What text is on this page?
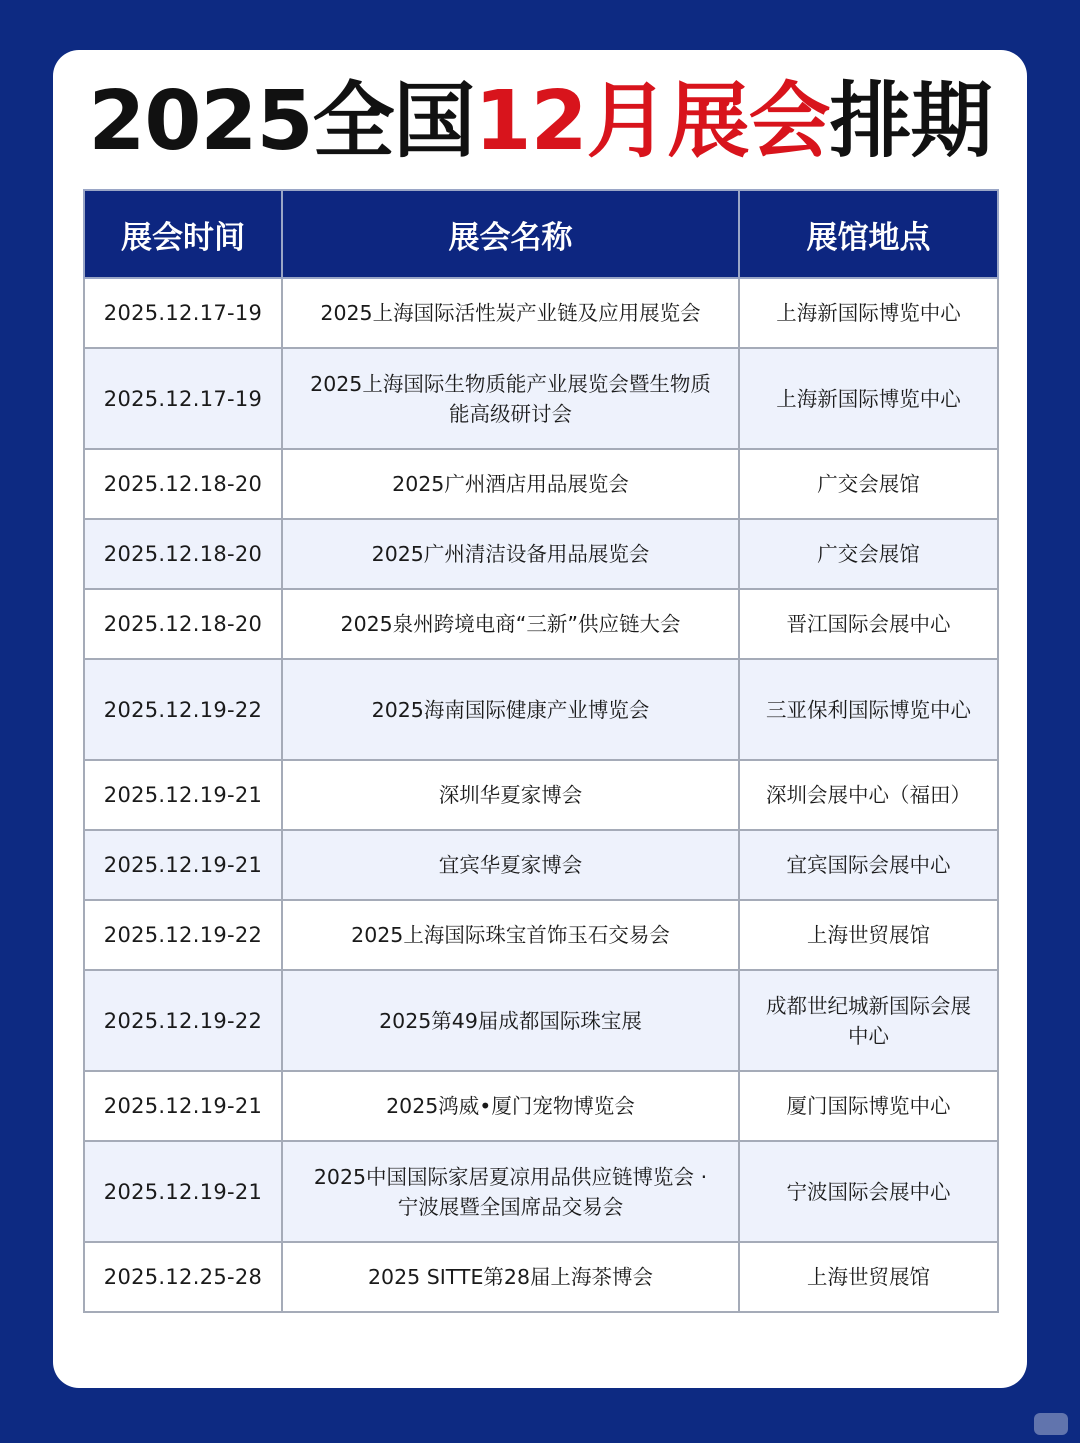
2025全国12月展会排期
展会时间	展会名称	展馆地点
2025.12.17-19	2025上海国际活性炭产业链及应用展览会	上海新国际博览中心
2025.12.17-19	2025上海国际生物质能产业展览会暨生物质能高级研讨会	上海新国际博览中心
2025.12.18-20	2025广州酒店用品展览会	广交会展馆
2025.12.18-20	2025广州清洁设备用品展览会	广交会展馆
2025.12.18-20	2025泉州跨境电商“三新”供应链大会	晋江国际会展中心
2025.12.19-22	2025海南国际健康产业博览会	三亚保利国际博览中心
2025.12.19-21	深圳华夏家博会	深圳会展中心（福田）
2025.12.19-21	宜宾华夏家博会	宜宾国际会展中心
2025.12.19-22	2025上海国际珠宝首饰玉石交易会	上海世贸展馆
2025.12.19-22	2025第49届成都国际珠宝展	成都世纪城新国际会展中心
2025.12.19-21	2025鸿威•厦门宠物博览会	厦门国际博览中心
2025.12.19-21	2025中国国际家居夏凉用品供应链博览会 · 宁波展暨全国席品交易会	宁波国际会展中心
2025.12.25-28	2025 SITTE第28届上海茶博会	上海世贸展馆
